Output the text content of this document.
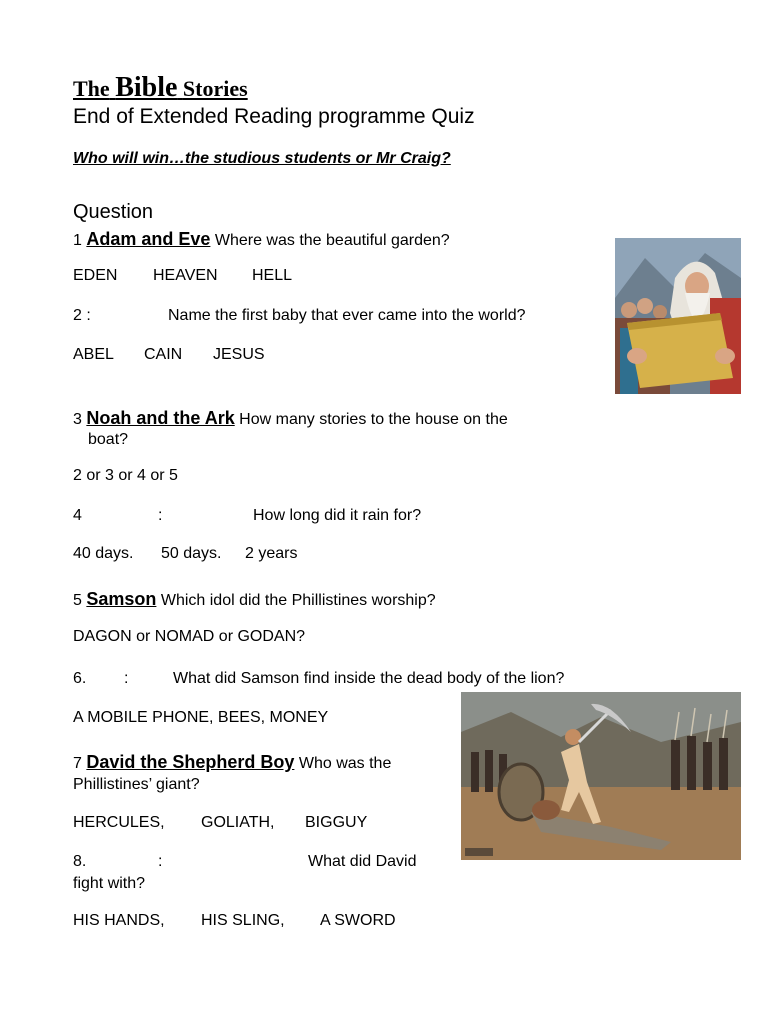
The Bible Stories
End of Extended Reading programme Quiz
Who will win…the studious students or Mr Craig?
Question
1 Adam and Eve Where was the beautiful garden?
EDEN HEAVEN HELL
2 :	Name the first baby that ever came into the world?
ABEL CAIN JESUS
3 Noah and the Ark How many stories to the house on the
boat?
2 or 3 or 4 or 5
4	:	How long did it rain for?
40 days. 50 days. 2 years
5 Samson Which idol did the Phillistines worship?
DAGON or NOMAD or GODAN?
6. :	What did Samson find inside the dead body of the lion?
A MOBILE PHONE, BEES, MONEY
7 David the Shepherd Boy Who was the
Phillistines’ giant?
HERCULES, GOLIATH, BIGGUY
8.	:	What did David
fight with?
HIS HANDS, HIS SLING, A SWORD
